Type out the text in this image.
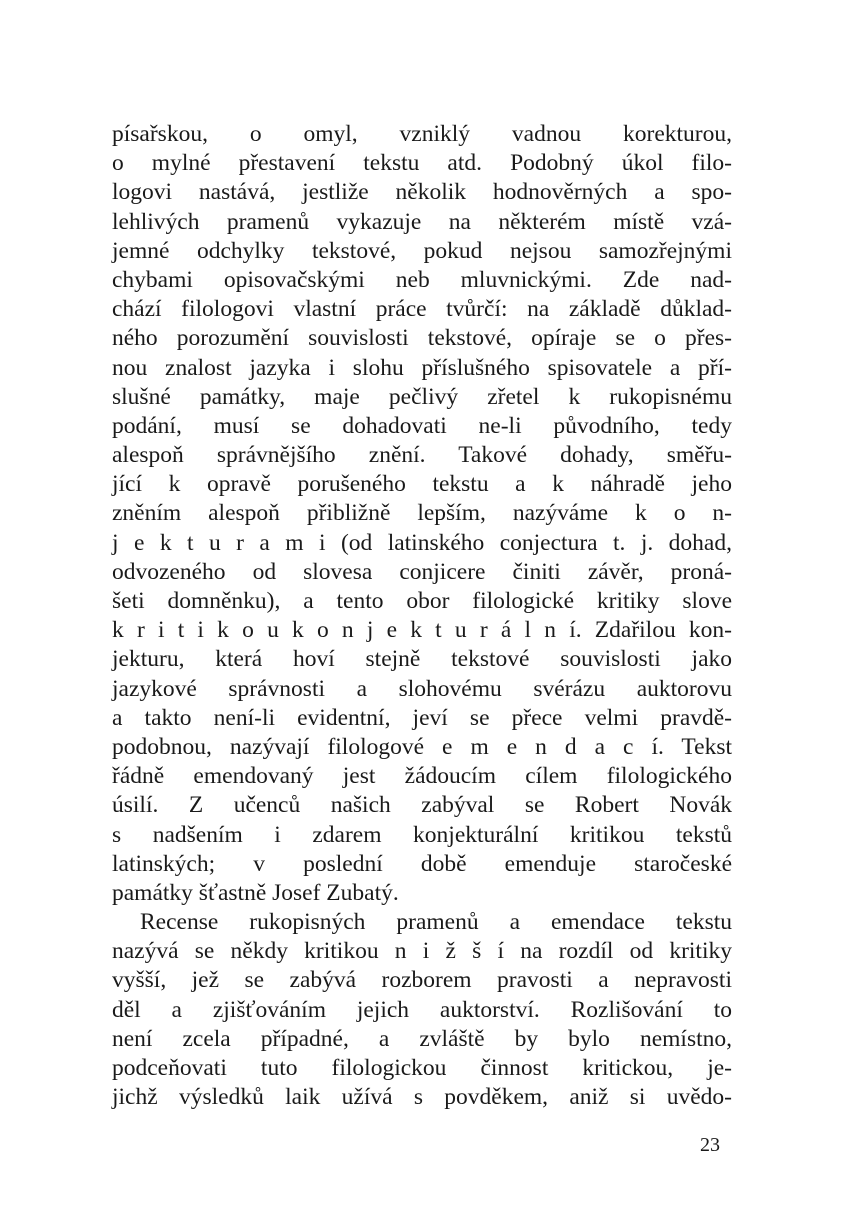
písařskou, o omyl, vzniklý vadnou korekturou,
o mylné přestavení tekstu atd. Podobný úkol filo-
logovi nastává, jestliže několik hodnověrných a spo-
lehlivých pramenů vykazuje na některém místě vzá-
jemné odchylky tekstové, pokud nejsou samozřejnými
chybami opisovačskými neb mluvnickými. Zde nad-
chází filologovi vlastní práce tvůrčí: na základě důklad-
ného porozumění souvislosti tekstové, opíraje se o přes-
nou znalost jazyka i slohu příslušného spisovatele a pří-
slušné památky, maje pečlivý zřetel k rukopisnému
podání, musí se dohadovati ne-li původního, tedy
alespoň správnějšího znění. Takové dohady, směřu-
jící k opravě porušeného tekstu a k náhradě jeho
zněním alespoň přibližně lepším, nazýváme k o n-
j e k t u r a m i (od latinského conjectura t. j. dohad,
odvozeného od slovesa conjicere činiti závěr, proná-
šeti domněnku), a tento obor filologické kritiky slove
k r i t i k o u k o n j e k t u r á l n í. Zdařilou kon-
jekturu, která hoví stejně tekstové souvislosti jako
jazykové správnosti a slohovému svérázu auktorovu
a takto není-li evidentní, jeví se přece velmi pravdě-
podobnou, nazývají filologové e m e n d a c í. Tekst
řádně emendovaný jest žádoucím cílem filologického
úsilí. Z učenců našich zabýval se Robert Novák
s nadšením i zdarem konjekturální kritikou tekstů
latinských; v poslední době emenduje staročeské
památky šťastně Josef Zubatý.
Recense rukopisných pramenů a emendace tekstu
nazývá se někdy kritikou n i ž š í na rozdíl od kritiky
vyšší, jež se zabývá rozborem pravosti a nepravosti
děl a zjišťováním jejich auktorství. Rozlišování to
není zcela případné, a zvláště by bylo nemístno,
podceňovati tuto filologickou činnost kritickou, je-
jichž výsledků laik užívá s povděkem, aniž si uvědo-
23
